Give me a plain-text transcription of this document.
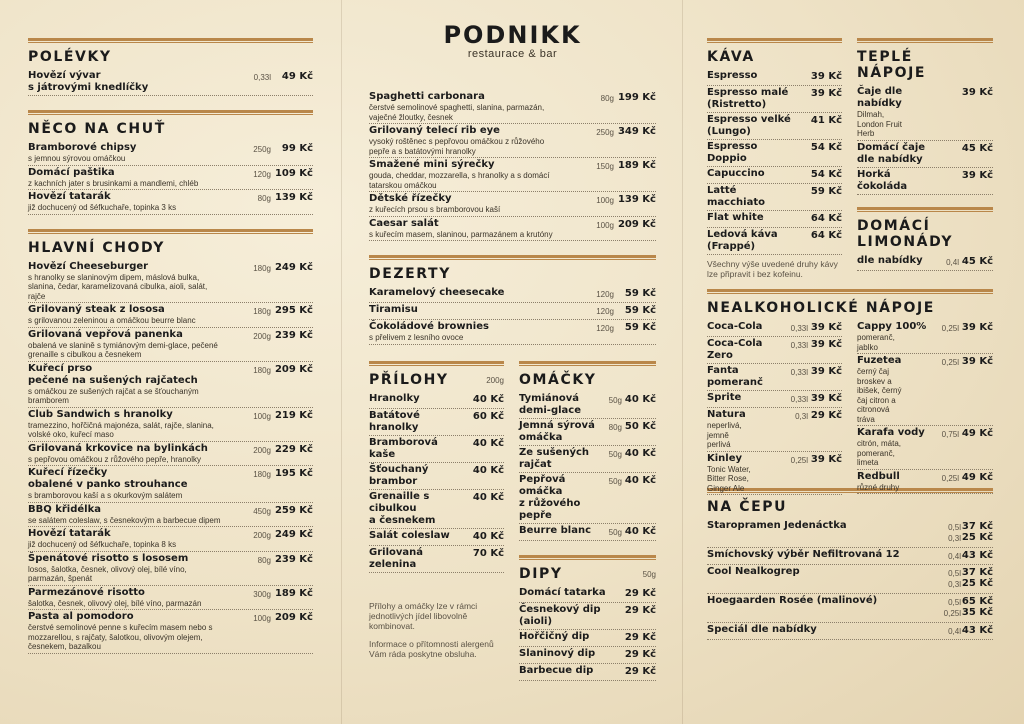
POLÉVKY
Hovězí vývar
s játrovými knedlíčky
0,33l 49 Kč
NĚCO NA CHUŤ
Bramborové chipsy
s jemnou sýrovou omáčkou
250g 99 Kč
Domácí paštika
z kachních jater s brusinkami a mandlemi, chléb
120g 109 Kč
Hovězí tatarák
již dochucený od šéfkuchaře, topinka 3 ks
80g 139 Kč
HLAVNÍ CHODY
Hovězí Cheeseburger
s hranolky se slaninovým dipem, máslová bulka, slanina, čedar, karamelizovaná cibulka, aioli, salát, rajče
180g 249 Kč
Grilovaný steak z lososa
s grilovanou zeleninou a omáčkou beurre blanc
180g 295 Kč
Grilovaná vepřová panenka
obalená ve slanině s tymiánovým demi-glace, pečené grenaille s cibulkou a česnekem
200g 239 Kč
Kuřecí prso
pečené na sušených rajčatech
s omáčkou ze sušených rajčat a se šťouchaným bramborem
180g 209 Kč
Club Sandwich s hranolky
tramezzino, hořčičná majonéza, salát, rajče, slanina, volské oko, kuřecí maso
100g 219 Kč
Grilovaná krkovice na bylinkách
s pepřovou omáčkou z růžového pepře, hranolky
200g 229 Kč
Kuřecí řízečky
obalené v panko strouhance
s bramborovou kaší a s okurkovým salátem
180g 195 Kč
BBQ křidélka
se salátem coleslaw, s česnekovým a barbecue dipem
450g 259 Kč
Hovězí tatarák
již dochucený od šéfkuchaře, topinka 8 ks
200g 249 Kč
Špenátové risotto s lososem
losos, šalotka, česnek, olivový olej, bílé víno, parmazán, špenát
80g 239 Kč
Parmezánové risotto
šalotka, česnek, olivový olej, bílé víno, parmazán
300g 189 Kč
Pasta al pomodoro
čerstvé semolinové penne s kuřecím masem nebo s mozzarellou, s rajčaty, šalotkou, olivovým olejem, česnekem, bazalkou
100g 209 Kč
PODNIKK
restaurace & bar
Spaghetti carbonara
čerstvé semolinové spaghetti, slanina, parmazán, vaječné žloutky, česnek
80g 199 Kč
Grilovaný telecí rib eye
vysoký roštěnec s pepřovou omáčkou z růžového pepře a s batátovými hranolky
250g 349 Kč
Smažené mini sýrečky
gouda, cheddar, mozzarella, s hranolky a s domácí tatarskou omáčkou
150g 189 Kč
Dětské řízečky
z kuřecích prsou s bramborovou kaší
100g 139 Kč
Caesar salát
s kuřecím masem, slaninou, parmazánem a krutóny
100g 209 Kč
DEZERTY
Karamelový cheesecake	120g 59 Kč
Tiramisu	120g 59 Kč
Čokoládové brownies
s přelivem z lesního ovoce
120g 59 Kč
PŘÍLOHY	200g
Hranolky	40 Kč
Batátové hranolky
60 Kč
Bramborová kaše
40 Kč
Šťouchaný
brambor
40 Kč
Grenaille s cibulkou
a česnekem
40 Kč
Salát coleslaw	40 Kč
Grilovaná zelenina
70 Kč
Přílohy a omáčky lze v rámci jednotlivých jídel libovolně kombinovat.
Informace o přítomnosti alergenů Vám ráda poskytne obsluha.
OMÁČKY
Tymiánová
demi-glace
50g 40 Kč
Jemná sýrová
omáčka
80g 50 Kč
Ze sušených
rajčat
50g 40 Kč
Pepřová omáčka
z růžového
pepře
50g 40 Kč
Beurre blanc	50g 40 Kč
DIPY	50g
Domácí tatarka	29 Kč
Česnekový dip
(aioli)
29 Kč
Hořčičný dip	29 Kč
Slaninový dip	29 Kč
Barbecue dip	29 Kč
KÁVA
Espresso	39 Kč
Espresso malé
(Ristretto)
39 Kč
Espresso velké
(Lungo)
41 Kč
Espresso Doppio
54 Kč
Capuccino	54 Kč
Latté macchiato
59 Kč
Flat white	64 Kč
Ledová káva
(Frappé)
64 Kč
Všechny výše uvedené druhy kávy lze připravit i bez kofeinu.
TEPLÉ
NÁPOJE
Čaje dle nabídky
Dilmah, London Fruit Herb
39 Kč
Domácí čaje
dle nabídky
45 Kč
Horká čokoláda
39 Kč
DOMÁCÍ
LIMONÁDY
dle nabídky	0,4l 45 Kč
NEALKOHOLICKÉ NÁPOJE
Coca-Cola	0,33l 39 Kč
Coca-Cola
Zero
0,33l 39 Kč
Fanta
pomeranč
0,33l 39 Kč
Sprite	0,33l 39 Kč
Natura
neperlivá, jemně perlivá
0,3l 29 Kč
Kinley
Tonic Water, Bitter Rose, Ginger Ale
0,25l 39 Kč
Cappy 100%
pomeranč, jablko
0,25l 39 Kč
Fuzetea
černý čaj broskev a ibišek, černý čaj citron a citronová tráva
0,25l 39 Kč
Karafa vody
citrón, máta, pomeranč, limeta
0,75l 49 Kč
Redbull
různé druhy
0,25l 49 Kč
NA ČEPU
Staropramen Jedenáctka	0,5l 37 Kč
0,3l 25 Kč
Smíchovský výběr Nefiltrovaná 12	0,4l 43 Kč
Cool Nealkogrep	0,5l 37 Kč
0,3l 25 Kč
Hoegaarden Rosée (malinové)	0,5l 65 Kč
0,25l 35 Kč
Speciál dle nabídky	0,4l 43 Kč
